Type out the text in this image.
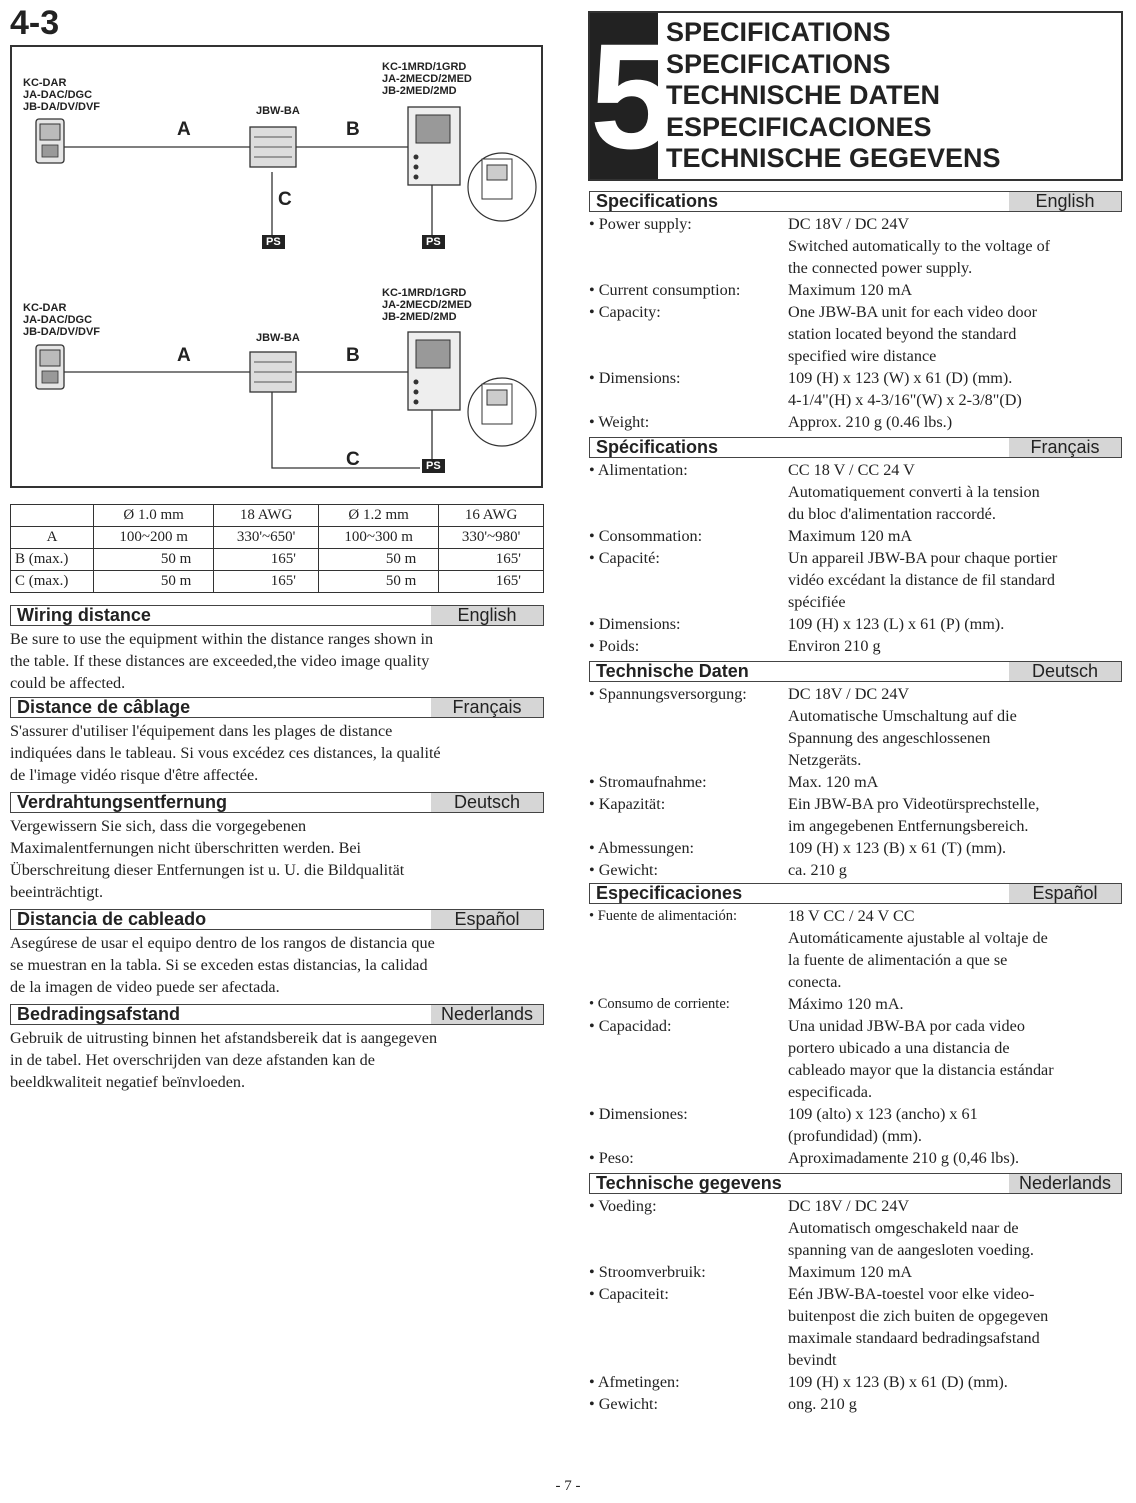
4-3
KC-DAR
JA-DAC/DGC
JB-DA/DV/DVF	JBW-BA
KC-1MRD/1GRD
JA-2MECD/2MED
JB-2MED/2MD
A	B
C
PS	PS
KC-DAR
JA-DAC/DGC
JB-DA/DV/DVF	JBW-BA
KC-1MRD/1GRD
JA-2MECD/2MED
JB-2MED/2MD
A	B
C	PS
	Ø 1.0 mm	18 AWG	Ø 1.2 mm	16 AWG
A	100~200 m	330'~650'	100~300 m	330'~980'
B (max.)	50 m	165'	50 m	165'
C (max.)	50 m	165'	50 m	165'
Wiring distance	English
Be sure to use the equipment within the distance ranges shown in
the table. If these distances are exceeded,the video image quality
could be affected.
Distance de câblage	Français
S'assurer d'utiliser l'équipement dans les plages de distance
indiquées dans le tableau. Si vous excédez ces distances, la qualité
de l'image vidéo risque d'être affectée.
Verdrahtungsentfernung	Deutsch
Vergewissern Sie sich, dass die vorgegebenen
Maximalentfernungen nicht überschritten werden. Bei
Überschreitung dieser Entfernungen ist u. U. die Bildqualität
beeinträchtigt.
Distancia de cableado	Español
Asegúrese de usar el equipo dentro de los rangos de distancia que
se muestran en la tabla. Si se exceden estas distancias, la calidad
de la imagen de video puede ser afectada.
Bedradingsafstand	Nederlands
Gebruik de uitrusting binnen het afstandsbereik dat is aangegeven
in de tabel. Het overschrijden van deze afstanden kan de
beeldkwaliteit negatief beïnvloeden.
5
SPECIFICATIONS
SPECIFICATIONS
TECHNISCHE DATEN
ESPECIFICACIONES
TECHNISCHE GEGEVENS
Specifications	English
• Power supply:	DC 18V / DC 24V
Switched automatically to the voltage of
the connected power supply.
• Current consumption:	Maximum 120 mA
• Capacity:	One JBW-BA unit for each video door
station located beyond the standard
specified wire distance
• Dimensions:	109 (H) x 123 (W) x 61 (D) (mm).
4-1/4"(H) x 4-3/16"(W) x 2-3/8"(D)
• Weight:	Approx. 210 g (0.46 lbs.)
Spécifications	Français
• Alimentation:	CC 18 V / CC 24 V
Automatiquement converti à la tension
du bloc d'alimentation raccordé.
• Consommation:	Maximum 120 mA
• Capacité:	Un appareil JBW-BA pour chaque portier
vidéo excédant la distance de fil standard
spécifiée
• Dimensions:	109 (H) x 123 (L) x 61 (P) (mm).
• Poids:	Environ 210 g
Technische Daten	Deutsch
• Spannungsversorgung:	DC 18V / DC 24V
Automatische Umschaltung auf die
Spannung des angeschlossenen
Netzgeräts.
• Stromaufnahme:	Max. 120 mA
• Kapazität:	Ein JBW-BA pro Videotürsprechstelle,
im angegebenen Entfernungsbereich.
• Abmessungen:	109 (H) x 123 (B) x 61 (T) (mm).
• Gewicht:	ca. 210 g
Especificaciones	Español
• Fuente de alimentación:	18 V CC / 24 V CC
Automáticamente ajustable al voltaje de
la fuente de alimentación a que se
conecta.
• Consumo de corriente:	Máximo 120 mA.
• Capacidad:	Una unidad JBW-BA por cada video
portero ubicado a una distancia de
cableado mayor que la distancia estándar
especificada.
• Dimensiones:	109 (alto) x 123 (ancho) x 61
(profundidad) (mm).
• Peso:	Aproximadamente 210 g (0,46 lbs).
Technische gegevens	Nederlands
• Voeding:	DC 18V / DC 24V
Automatisch omgeschakeld naar de
spanning van de aangesloten voeding.
• Stroomverbruik:	Maximum 120 mA
• Capaciteit:	Eén JBW-BA-toestel voor elke video-
buitenpost die zich buiten de opgegeven
maximale standaard bedradingsafstand
bevindt
• Afmetingen:	109 (H) x 123 (B) x 61 (D) (mm).
• Gewicht:	ong. 210 g
- 7 -
